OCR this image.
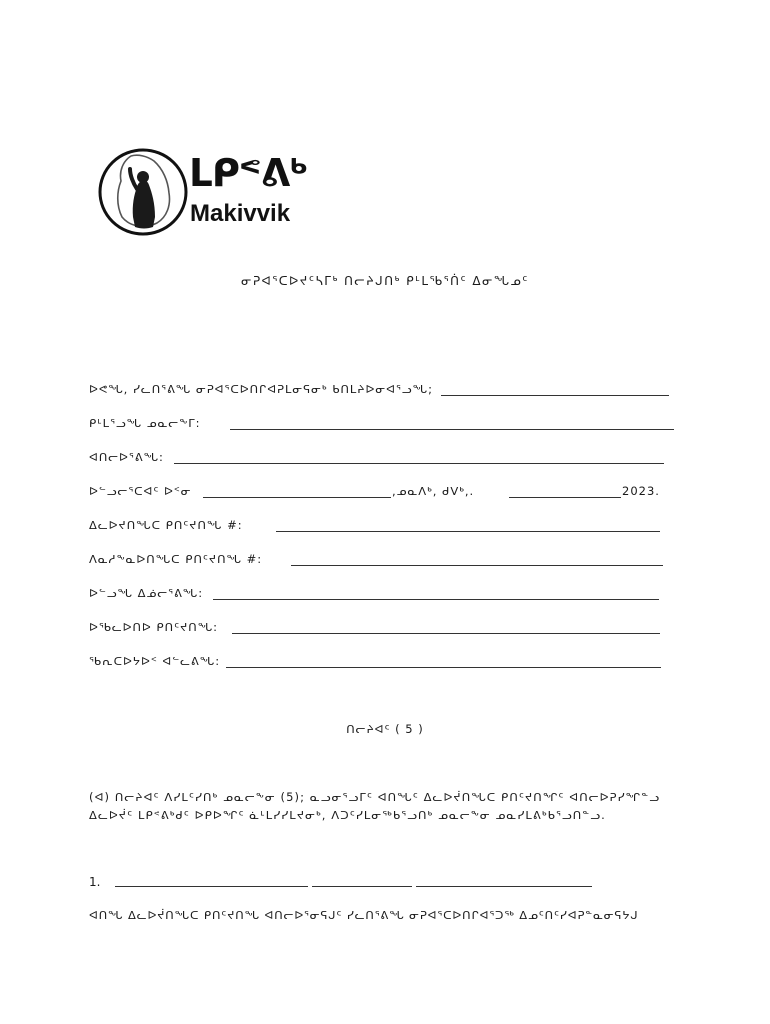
ᒪᑭᕝᕕᒃ
Makivvik
ᓂᕈᐊᕐᑕᐅᔪᑦᓴᒥᒃ ᑎᓕᔨᒍᑎᒃ ᑭᒻᒪᖃᕐᑏᑦ ᐃᓂᖓᓄᑦ
ᐅᕙᖓ, ᓯᓚᑎᕐᕕᖓ ᓂᕈᐊᕐᑕᐅᑎᒋᐊᕈᒪᓂᕋᓂᒃ ᑲᑎᒪᔨᐅᓂᐊᕐᓗᖓ;
ᑭᒻᒪᕐᓗᖓ ᓄᓇᓕᖕᒥ:
ᐊᑎᓕᐅᕐᕕᖓ:
ᐅᓪᓗᓕᕐᑕᐊᑦ ᐅᑉᓂ	,ᓄᓇᐱᒃ, ᑯᐯᒃ,.	2023.
ᐃᓚᐅᔪᑎᖓᑕ ᑭᑎᑦᔪᑎᖓ #:
ᐱᓇᓱᖕᓇᐅᑎᖓᑕ ᑭᑎᑦᔪᑎᖓ #:
ᐅᓪᓗᖓ ᐃᓅᓕᕐᕕᖓ:
ᐅᖃᓚᐅᑎᐅ ᑭᑎᑦᔪᑎᖓ:
ᖃᕆᑕᐅᔭᐅᑉ ᐊᓪᓚᕕᖓ:
ᑎᓕᔨᐊᑦ ( 5 )
(ᐊ) ᑎᓕᔨᐊᑦ ᐱᓯᒪᑦᓯᑎᒃ ᓄᓇᓕᖕᓂ (5); ᓇᓗᓂᕐᓗᒥᑦ ᐊᑎᖓᑦ ᐃᓚᐅᔫᑎᖓᑕ ᑭᑎᑦᔪᑎᖏᑦ ᐊᑎᓕᐅᕈᓯᖏᓐᓗ ᐃᓚᐅᔫᑦ ᒪᑭᕝᕕᒃᑯᑦ ᐅᑭᐅᖏᑦ ᓈᒻᒪᓯᓯᒪᔪᓂᒃ, ᐱᑐᑦᓯᒪᓂᖅᑲᕐᓗᑎᒃ ᓄᓇᓕᖕᓂ ᓄᓇᓯᒪᕕᒃᑲᕐᓗᑎᓐᓗ.
1.
ᐊᑎᖓ ᐃᓚᐅᔫᑎᖓᑕ ᑭᑎᑦᔪᑎᖓ ᐊᑎᓕᐅᕐᓂᕋᒍᑦ ᓯᓚᑎᕐᕕᖓ ᓂᕈᐊᕐᑕᐅᑎᒋᐊᕐᑐᖅ ᐃᓄᑦᑎᑦᓯᐊᕈᓐᓇᓂᕋᔭᒍ
